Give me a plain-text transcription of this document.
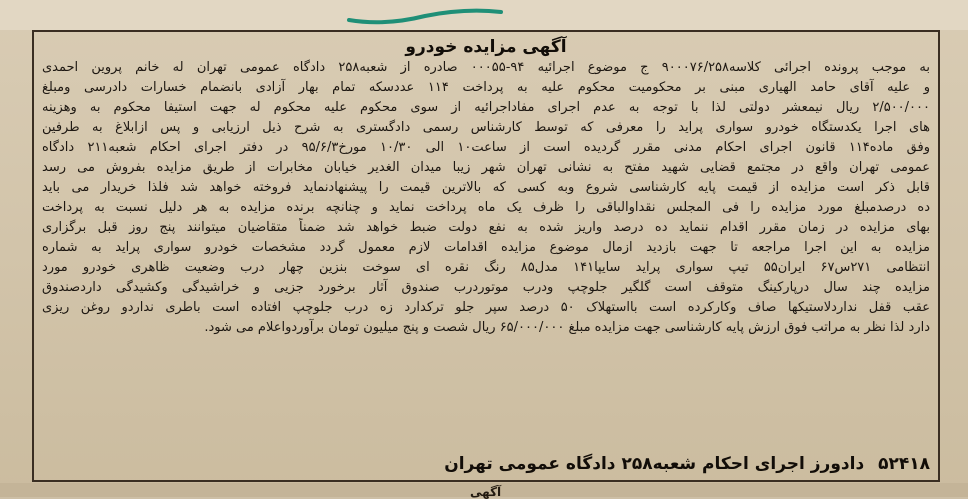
آگهی مزایده خودرو
به موجب پرونده اجرائی کلاسه۹۰۰۰۷۶/۲۵۸ ج موضوع اجرائیه ۹۴-۰۰۰۵۵ صادره از شعبه۲۵۸ دادگاه عمومی تهران له خانم پروین احمدی
و علیه آقای حامد الهیاری مبنی بر محکومیت محکوم علیه به پرداخت ۱۱۴ عددسکه تمام بهار آزادی بانضمام خسارات دادرسی ومبلغ
۲/۵۰۰/۰۰۰ ریال نیمعشر دولتی لذا با توجه به عدم اجرای مفاداجرائیه از سوی محکوم علیه محکوم له جهت استیفا محکوم به وهزینه
های اجرا یکدستگاه خودرو سواری پراید را معرفی که توسط کارشناس رسمی دادگستری به شرح ذیل ارزیابی و پس ازابلاغ به طرفین
وفق ماده۱۱۴ قانون اجرای احکام مدنی مقرر گردیده است از ساعت۱۰ الی ۱۰/۳۰ مورخ۹۵/۶/۳ در دفتر اجرای احکام شعبه۲۱۱ دادگاه
عمومی تهران واقع در مجتمع قضایی شهید مفتح به نشانی تهران شهر زیبا میدان الغدیر خیابان مخابرات از طریق مزایده بفروش می رسد
قابل ذکر است مزایده از قیمت پایه کارشناسی شروع وبه کسی که بالاترین قیمت را پیشنهادنماید فروخته خواهد شد فلذا خریدار می باید
ده درصدمبلغ مورد مزایده را فی المجلس نقداوالباقی را ظرف یک ماه پرداخت نماید و چنانچه برنده مزایده به هر دلیل نسبت به پرداخت
بهای مزایده در زمان مقرر اقدام ننماید ده درصد واریز شده به نفع دولت ضبط خواهد شد ضمناً متقاضیان میتوانند پنج روز قبل برگزاری
مزایده به این اجرا مراجعه تا جهت بازدید ازمال موضوع مزایده اقدامات لازم معمول گردد مشخصات خودرو سواری پراید به شماره
انتظامی ۲۷۱س۶۷ ایران۵۵ تیپ سواری پراید سایپا۱۴۱ مدل۸۵ رنگ نقره ای سوخت بنزین چهار درب وضعیت ظاهری خودرو مورد
مزایده چند سال درپارکینگ متوقف است گلگیر جلوچپ ودرب موتوردرب صندوق آثار برخورد جزیی و خراشیدگی وکشیدگی داردصندوق
عقب قفل نداردلاستیکها صاف وکارکرده است بااستهلاک ۵۰ درصد سپر جلو ترکدارد زه درب جلوچپ افتاده است باطری نداردو روغن ریزی
دارد لذا نظر به مراتب فوق ارزش پایه کارشناسی جهت مزایده مبلغ ۶۵/۰۰۰/۰۰۰ ریال شصت و پنج میلیون تومان برآوردواعلام می شود.
۵۲۴۱۸ دادورز اجرای احکام شعبه۲۵۸ دادگاه عمومی تهران
آگهی
